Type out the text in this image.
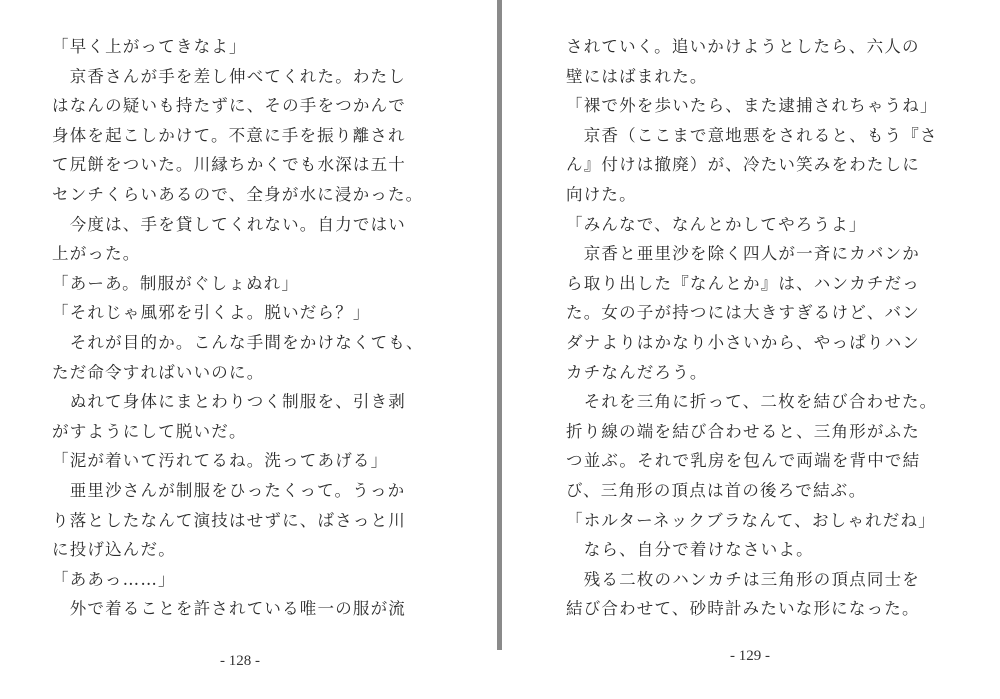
「早く上がってきなよ」
　京香さんが手を差し伸べてくれた。わたし
はなんの疑いも持たずに、その手をつかんで
身体を起こしかけて。不意に手を振り離され
て尻餅をついた。川縁ちかくでも水深は五十
センチくらいあるので、全身が水に浸かった。
　今度は、手を貸してくれない。自力ではい
上がった。
「あーあ。制服がぐしょぬれ」
「それじゃ風邪を引くよ。脱いだら？」
　それが目的か。こんな手間をかけなくても、
ただ命令すればいいのに。
　ぬれて身体にまとわりつく制服を、引き剥
がすようにして脱いだ。
「泥が着いて汚れてるね。洗ってあげる」
　亜里沙さんが制服をひったくって。うっか
り落としたなんて演技はせずに、ばさっと川
に投げ込んだ。
「ああっ……」
　外で着ることを許されている唯一の服が流
- 128 -
されていく。追いかけようとしたら、六人の
壁にはばまれた。
「裸で外を歩いたら、また逮捕されちゃうね」
　京香（ここまで意地悪をされると、もう『さ
ん』付けは撤廃）が、冷たい笑みをわたしに
向けた。
「みんなで、なんとかしてやろうよ」
　京香と亜里沙を除く四人が一斉にカバンか
ら取り出した『なんとか』は、ハンカチだっ
た。女の子が持つには大きすぎるけど、バン
ダナよりはかなり小さいから、やっぱりハン
カチなんだろう。
　それを三角に折って、二枚を結び合わせた。
折り線の端を結び合わせると、三角形がふた
つ並ぶ。それで乳房を包んで両端を背中で結
び、三角形の頂点は首の後ろで結ぶ。
「ホルターネックブラなんて、おしゃれだね」
　なら、自分で着けなさいよ。
　残る二枚のハンカチは三角形の頂点同士を
結び合わせて、砂時計みたいな形になった。
- 129 -
